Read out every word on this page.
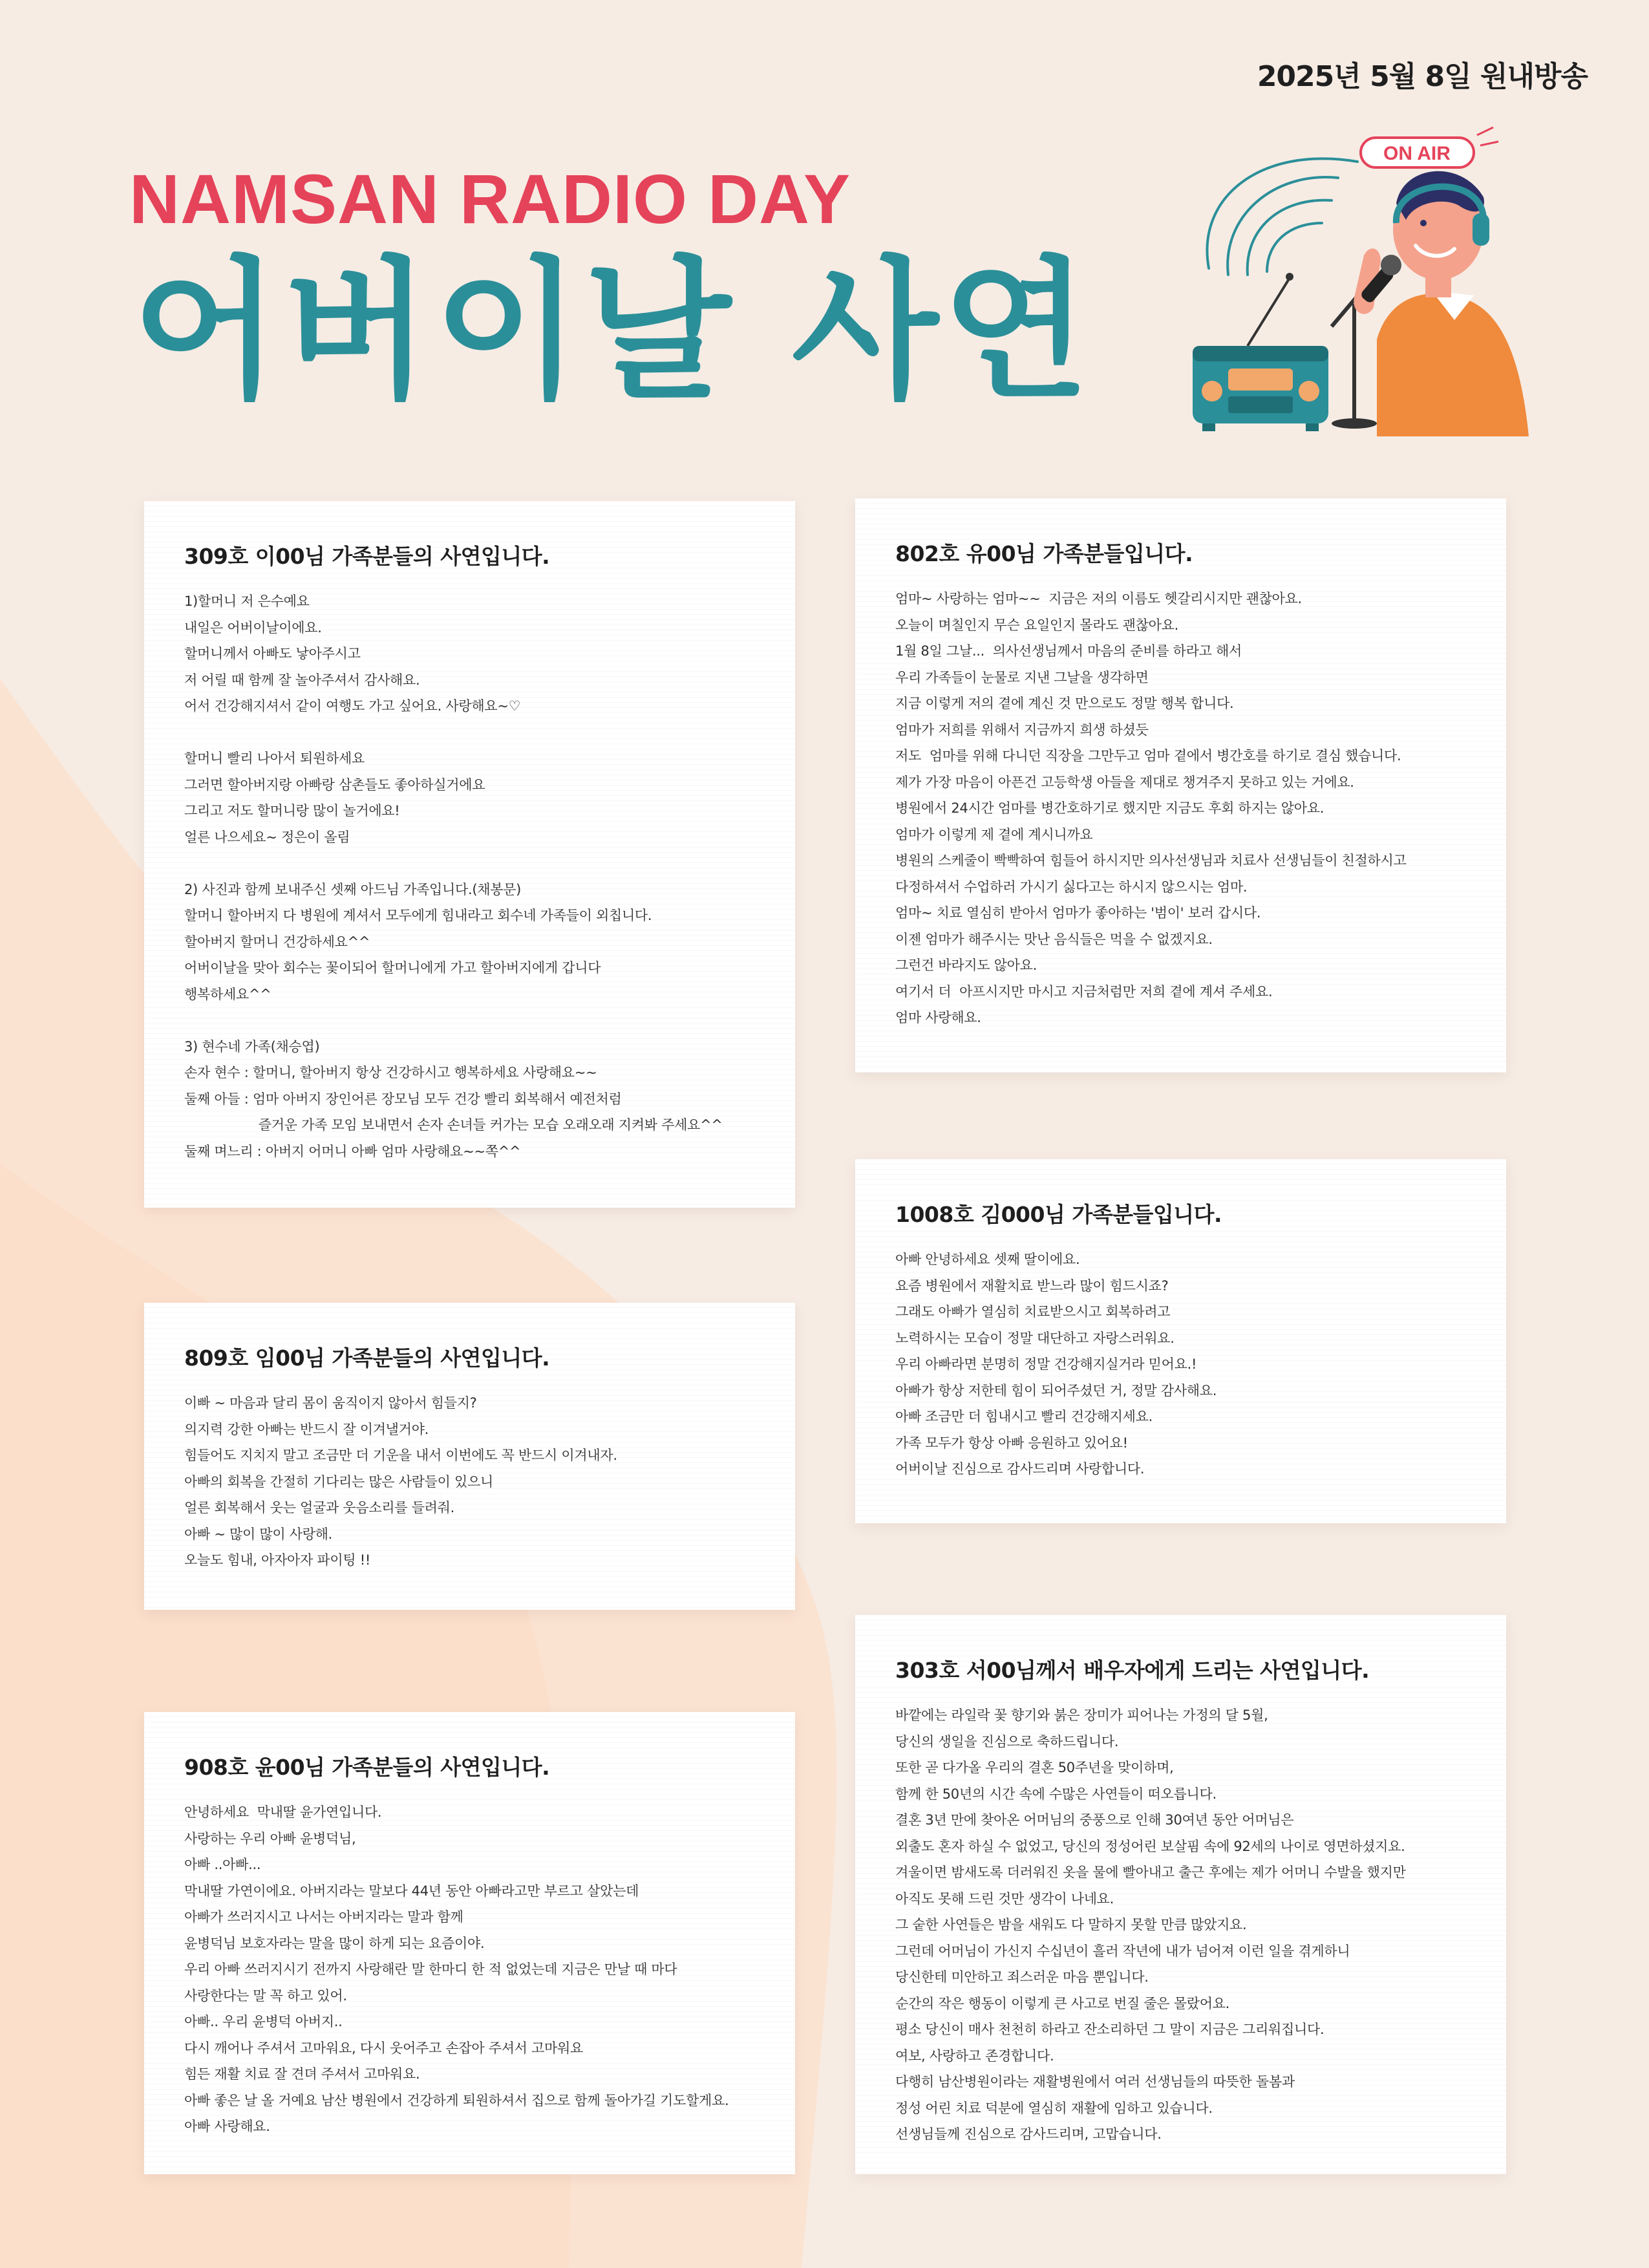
2025년 5월 8일 원내방송
NAMSAN RADIO DAY
어버이날 사연
ON AIR
309호 이00님 가족분들의 사연입니다.

1)할머니 저 은수예요
내일은 어버이날이에요.
할머니께서 아빠도 낳아주시고
저 어릴 때 함께 잘 놀아주셔서 감사해요.
어서 건강해지셔서 같이 여행도 가고 싶어요. 사랑해요~♡

할머니 빨리 나아서 퇴원하세요
그러면 할아버지랑 아빠랑 삼촌들도 좋아하실거에요
그리고 저도 할머니랑 많이 놀거에요!
얼른 나으세요~ 정은이 올림

2) 사진과 함께 보내주신 셋째 아드님 가족입니다.(채봉문)
할머니 할아버지 다 병원에 계셔서 모두에게 힘내라고 회수네 가족들이 외칩니다.
할아버지 할머니 건강하세요^^
어버이날을 맞아 회수는 꽃이되어 할머니에게 가고 할아버지에게 갑니다
행복하세요^^

3) 현수네 가족(채승엽)
손자 현수 : 할머니, 할아버지 항상 건강하시고 행복하세요 사랑해요~~
둘째 아들 : 엄마 아버지 장인어른 장모님 모두 건강 빨리 회복해서 예전처럼
즐거운 가족 모임 보내면서 손자 손녀들 커가는 모습 오래오래 지켜봐 주세요^^
둘째 며느리 : 아버지 어머니 아빠 엄마 사랑해요~~쪽^^

802호 유00님 가족분들입니다.

엄마~ 사랑하는 엄마~~  지금은 저의 이름도 헷갈리시지만 괜찮아요.
오늘이 며칠인지 무슨 요일인지 몰라도 괜찮아요.
1월 8일 그날...  의사선생님께서 마음의 준비를 하라고 해서
우리 가족들이 눈물로 지낸 그날을 생각하면
지금 이렇게 저의 곁에 계신 것 만으로도 정말 행복 합니다.
엄마가 저희를 위해서 지금까지 희생 하셨듯
저도  엄마를 위해 다니던 직장을 그만두고 엄마 곁에서 병간호를 하기로 결심 했습니다.
제가 가장 마음이 아픈건 고등학생 아들을 제대로 챙겨주지 못하고 있는 거에요.
병원에서 24시간 엄마를 병간호하기로 했지만 지금도 후회 하지는 않아요.
엄마가 이렇게 제 곁에 계시니까요
병원의 스케줄이 빡빡하여 힘들어 하시지만 의사선생님과 치료사 선생님들이 친절하시고
다정하셔서 수업하러 가시기 싫다고는 하시지 않으시는 엄마.
엄마~ 치료 열심히 받아서 엄마가 좋아하는 '범이' 보러 갑시다.
이젠 엄마가 해주시는 맛난 음식들은 먹을 수 없겠지요.
그런건 바라지도 않아요.
여기서 더  아프시지만 마시고 지금처럼만 저희 곁에 계셔 주세요.
엄마 사랑해요.

1008호 김000님 가족분들입니다.

아빠 안녕하세요 셋째 딸이에요.
요즘 병원에서 재활치료 받느라 많이 힘드시죠?
그래도 아빠가 열심히 치료받으시고 회복하려고
노력하시는 모습이 정말 대단하고 자랑스러워요.
우리 아빠라면 분명히 정말 건강해지실거라 믿어요.!
아빠가 항상 저한테 힘이 되어주셨던 거, 정말 감사해요.
아빠 조금만 더 힘내시고 빨리 건강해지세요.
가족 모두가 항상 아빠 응원하고 있어요!
어버이날 진심으로 감사드리며 사랑합니다.

809호 임00님 가족분들의 사연입니다.

이빠 ~ 마음과 달리 몸이 움직이지 않아서 힘들지?
의지력 강한 아빠는 반드시 잘 이겨낼거야.
힘들어도 지치지 말고 조금만 더 기운을 내서 이번에도 꼭 반드시 이겨내자.
아빠의 회복을 간절히 기다리는 많은 사람들이 있으니
얼른 회복해서 웃는 얼굴과 웃음소리를 들려줘.
아빠 ~ 많이 많이 사랑해.
오늘도 힘내, 아자아자 파이팅 !!

908호 윤00님 가족분들의 사연입니다.

안녕하세요  막내딸 윤가연입니다.
사랑하는 우리 아빠 윤병덕님,
아빠 ..아빠...
막내딸 가연이에요. 아버지라는 말보다 44년 동안 아빠라고만 부르고 살았는데
아빠가 쓰러지시고 나서는 아버지라는 말과 함께
윤병덕님 보호자라는 말을 많이 하게 되는 요즘이야.
우리 아빠 쓰러지시기 전까지 사랑해란 말 한마디 한 적 없었는데 지금은 만날 때 마다
사랑한다는 말 꼭 하고 있어.
아빠.. 우리 윤병덕 아버지..
다시 깨어나 주셔서 고마워요, 다시 웃어주고 손잡아 주셔서 고마워요
힘든 재활 치료 잘 견뎌 주셔서 고마워요.
아빠 좋은 날 올 거예요 남산 병원에서 건강하게 퇴원하셔서 집으로 함께 돌아가길 기도할게요.
아빠 사랑해요.

303호 서00님께서 배우자에게 드리는 사연입니다.

바깥에는 라일락 꽃 향기와 붉은 장미가 피어나는 가정의 달 5월,
당신의 생일을 진심으로 축하드립니다.
또한 곧 다가올 우리의 결혼 50주년을 맞이하며,
함께 한 50년의 시간 속에 수많은 사연들이 떠오릅니다.
결혼 3년 만에 찾아온 어머님의 중풍으로 인해 30여년 동안 어머님은
외출도 혼자 하실 수 없었고, 당신의 정성어린 보살핌 속에 92세의 나이로 영면하셨지요.
겨울이면 밤새도록 더러워진 옷을 물에 빨아내고 출근 후에는 제가 어머니 수발을 했지만
아직도 못해 드린 것만 생각이 나네요.
그 숱한 사연들은 밤을 새워도 다 말하지 못할 만큼 많았지요.
그런데 어머님이 가신지 수십년이 흘러 작년에 내가 넘어져 이런 일을 겪게하니
당신한테 미안하고 죄스러운 마음 뿐입니다.
순간의 작은 행동이 이렇게 큰 사고로 번질 줄은 몰랐어요.
평소 당신이 매사 천천히 하라고 잔소리하던 그 말이 지금은 그리워집니다.
여보, 사랑하고 존경합니다.
다행히 남산병원이라는 재활병원에서 여러 선생님들의 따뜻한 돌봄과
정성 어린 치료 덕분에 열심히 재활에 임하고 있습니다.
선생님들께 진심으로 감사드리며, 고맙습니다.
